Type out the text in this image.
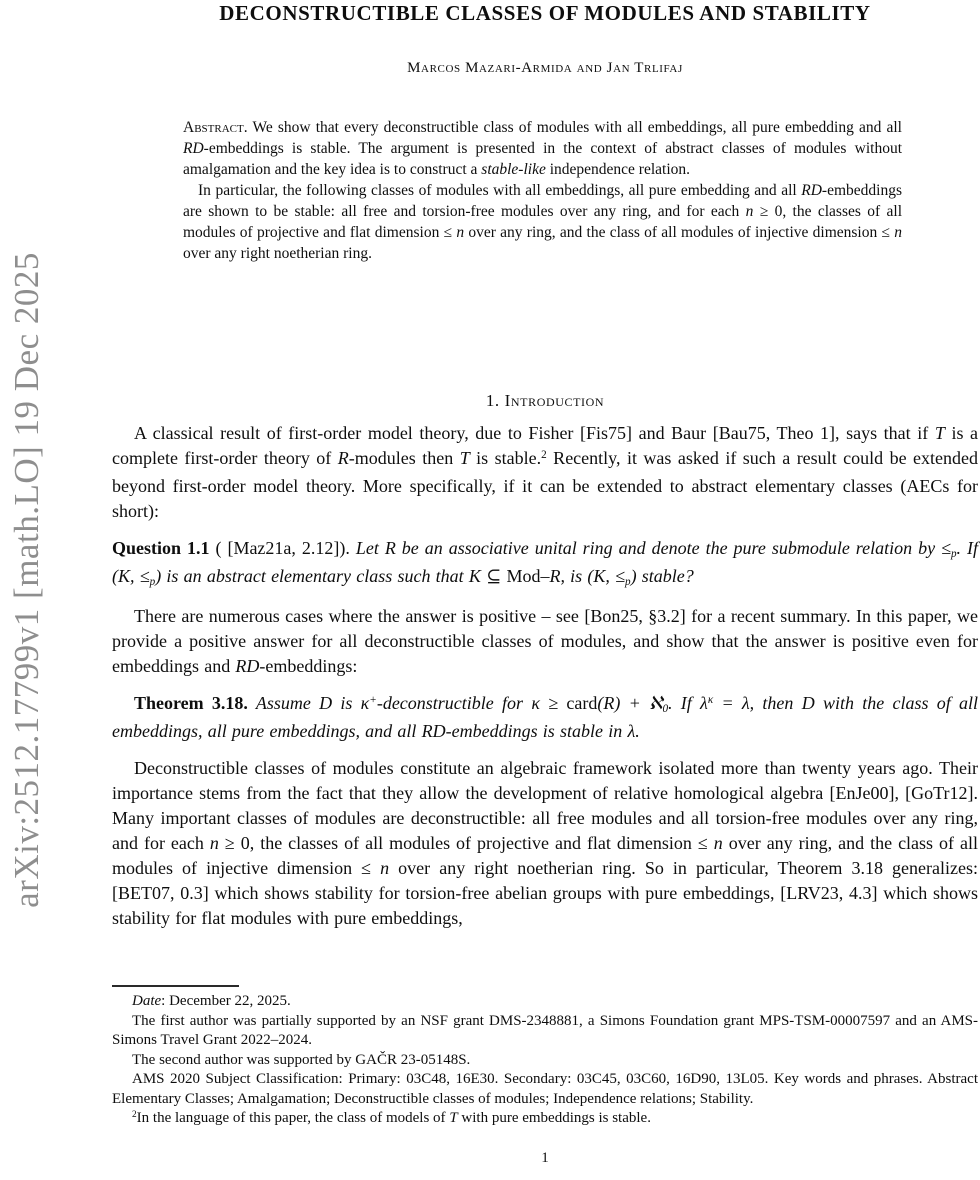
arXiv:2512.17799v1 [math.LO] 19 Dec 2025
DECONSTRUCTIBLE CLASSES OF MODULES AND STABILITY
Marcos Mazari-Armida and Jan Trlifaj

Abstract. We show that every deconstructible class of modules with all embeddings, all pure embedding and all RD-embeddings is stable. The argument is presented in the context of abstract classes of modules without amalgamation and the key idea is to construct a stable-like independence relation.

In particular, the following classes of modules with all embeddings, all pure embedding and all RD-embeddings are shown to be stable: all free and torsion-free modules over any ring, and for each n ≥ 0, the classes of all modules of projective and flat dimension ≤ n over any ring, and the class of all modules of injective dimension ≤ n over any right noetherian ring.

1. Introduction

A classical result of first-order model theory, due to Fisher [Fis75] and Baur [Bau75, Theo 1], says that if T is a complete first-order theory of R-modules then T is stable.$^2$ Recently, it was asked if such a result could be extended beyond first-order model theory. More specifically, if it can be extended to abstract elementary classes (AECs for short):

Question 1.1 ( [Maz21a, 2.12]). Let R be an associative unital ring and denote the pure submodule relation by ≤p. If (K, ≤p) is an abstract elementary class such that K ⊆ Mod–R, is (K, ≤p) stable?

There are numerous cases where the answer is positive – see [Bon25, §3.2] for a recent summary. In this paper, we provide a positive answer for all deconstructible classes of modules, and show that the answer is positive even for embeddings and RD-embeddings:

Theorem 3.18. Assume D is κ+-deconstructible for κ ≥ card(R) + ℵ0. If $\lambda^\kappa = \lambda$, then D with the class of all embeddings, all pure embeddings, and all RD-embeddings is stable in λ.

Deconstructible classes of modules constitute an algebraic framework isolated more than twenty years ago. Their importance stems from the fact that they allow the development of relative homological algebra [EnJe00], [GoTr12]. Many important classes of modules are deconstructible: all free modules and all torsion-free modules over any ring, and for each n ≥ 0, the classes of all modules of projective and flat dimension ≤ n over any ring, and the class of all modules of injective dimension ≤ n over any right noetherian ring. So in particular, Theorem 3.18 generalizes: [BET07, 0.3] which shows stability for torsion-free abelian groups with pure embeddings, [LRV23, 4.3] which shows stability for flat modules with pure embeddings,

Date: December 22, 2025.

The first author was partially supported by an NSF grant DMS-2348881, a Simons Foundation grant MPS-TSM-00007597 and an AMS-Simons Travel Grant 2022–2024.

The second author was supported by GAČR 23-05148S.

AMS 2020 Subject Classification: Primary: 03C48, 16E30. Secondary: 03C45, 03C60, 16D90, 13L05. Key words and phrases. Abstract Elementary Classes; Amalgamation; Deconstructible classes of modules; Independence relations; Stability.

$^2$In the language of this paper, the class of models of T with pure embeddings is stable.

1
